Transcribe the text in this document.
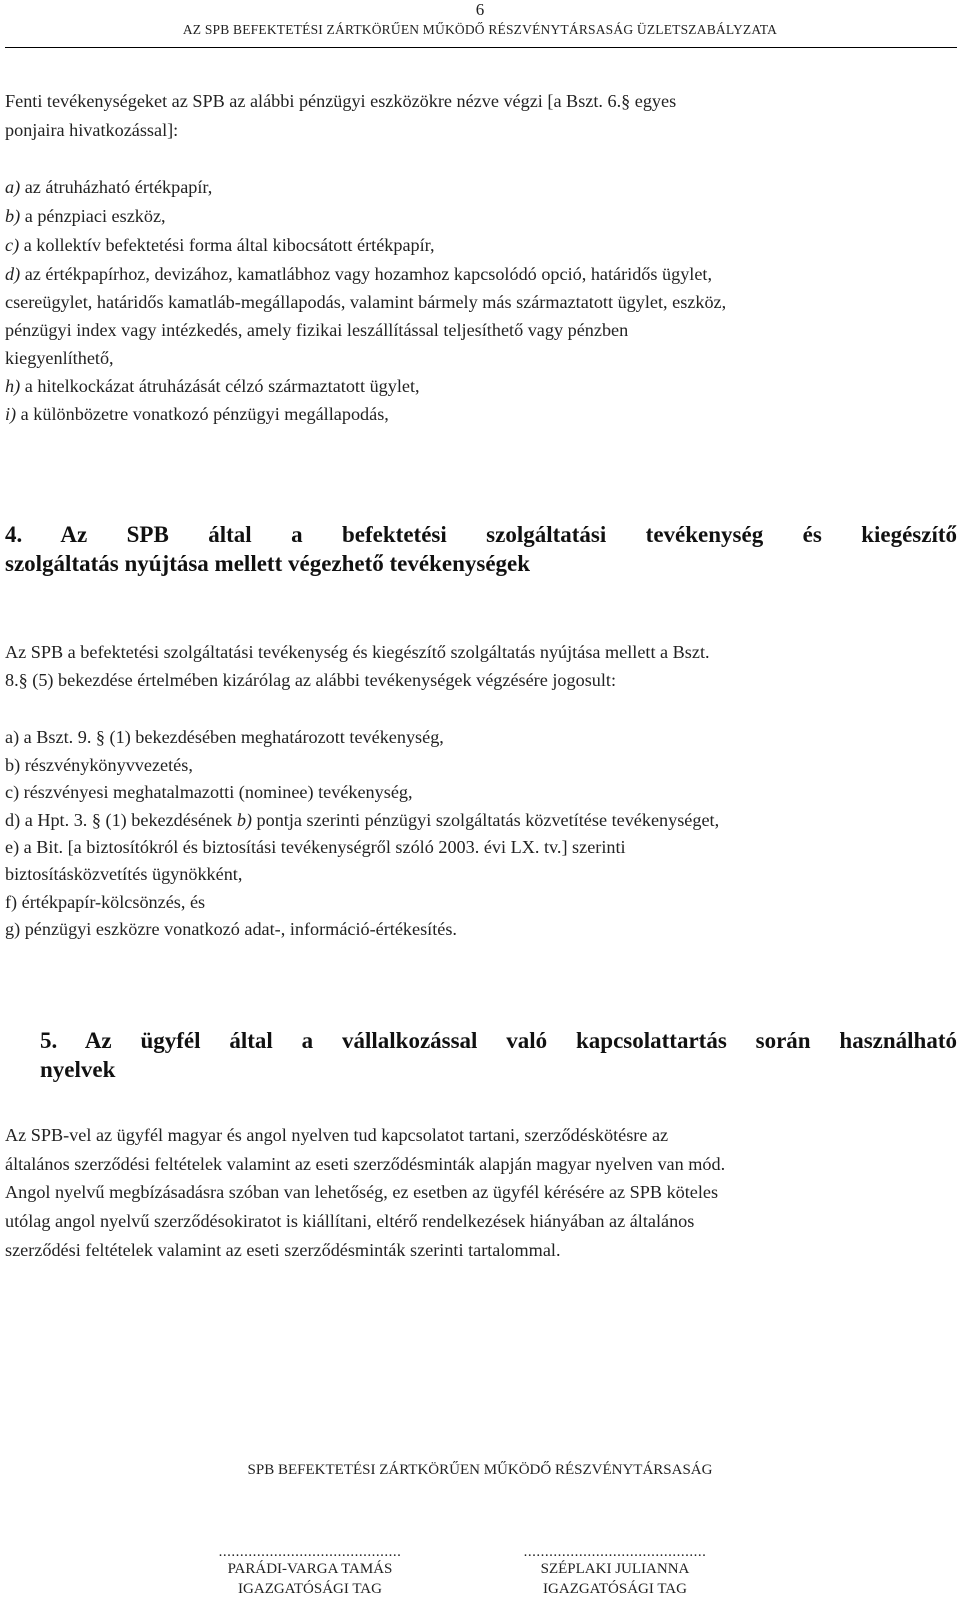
6
AZ SPB BEFEKTETÉSI ZÁRTKÖRŰEN MŰKÖDŐ RÉSZVÉNYTÁRSASÁG ÜZLETSZABÁLYZATA
Fenti tevékenységeket az SPB az alábbi pénzügyi eszközökre nézve végzi [a Bszt. 6.§ egyes
ponjaira hivatkozással]:
a) az átruházható értékpapír,
b) a pénzpiaci eszköz,
c) a kollektív befektetési forma által kibocsátott értékpapír,
d) az értékpapírhoz, devizához, kamatlábhoz vagy hozamhoz kapcsolódó opció, határidős ügylet,
csereügylet, határidős kamatláb-megállapodás, valamint bármely más származtatott ügylet, eszköz,
pénzügyi index vagy intézkedés, amely fizikai leszállítással teljesíthető vagy pénzben
kiegyenlíthető,
h) a hitelkockázat átruházását célzó származtatott ügylet,
i) a különbözetre vonatkozó pénzügyi megállapodás,
4. Az SPB által a befektetési szolgáltatási tevékenység és kiegészítő
szolgáltatás nyújtása mellett végezhető tevékenységek
Az SPB a befektetési szolgáltatási tevékenység és kiegészítő szolgáltatás nyújtása mellett a Bszt.
8.§ (5) bekezdése értelmében kizárólag az alábbi tevékenységek végzésére jogosult:
a) a Bszt. 9. § (1) bekezdésében meghatározott tevékenység,
b) részvénykönyvvezetés,
c) részvényesi meghatalmazotti (nominee) tevékenység,
d) a Hpt. 3. § (1) bekezdésének b) pontja szerinti pénzügyi szolgáltatás közvetítése tevékenységet,
e) a Bit. [a biztosítókról és biztosítási tevékenységről szóló 2003. évi LX. tv.] szerinti
biztosításközvetítés ügynökként,
f) értékpapír-kölcsönzés, és
g) pénzügyi eszközre vonatkozó adat-, információ-értékesítés.
5. Az ügyfél által a vállalkozással való kapcsolattartás során használható
nyelvek
Az SPB-vel az ügyfél magyar és angol nyelven tud kapcsolatot tartani, szerződéskötésre az
általános szerződési feltételek valamint az eseti szerződésminták alapján magyar nyelven van mód.
Angol nyelvű megbízásadásra szóban van lehetőség, ez esetben az ügyfél kérésére az SPB köteles
utólag angol nyelvű szerződésokiratot is kiállítani, eltérő rendelkezések hiányában az általános
szerződési feltételek valamint az eseti szerződésminták szerinti tartalommal.
SPB BEFEKTETÉSI ZÁRTKÖRŰEN MŰKÖDŐ RÉSZVÉNYTÁRSASÁG
...........................................
PARÁDI-VARGA TAMÁS
IGAZGATÓSÁGI TAG
...........................................
SZÉPLAKI JULIANNA
IGAZGATÓSÁGI TAG
